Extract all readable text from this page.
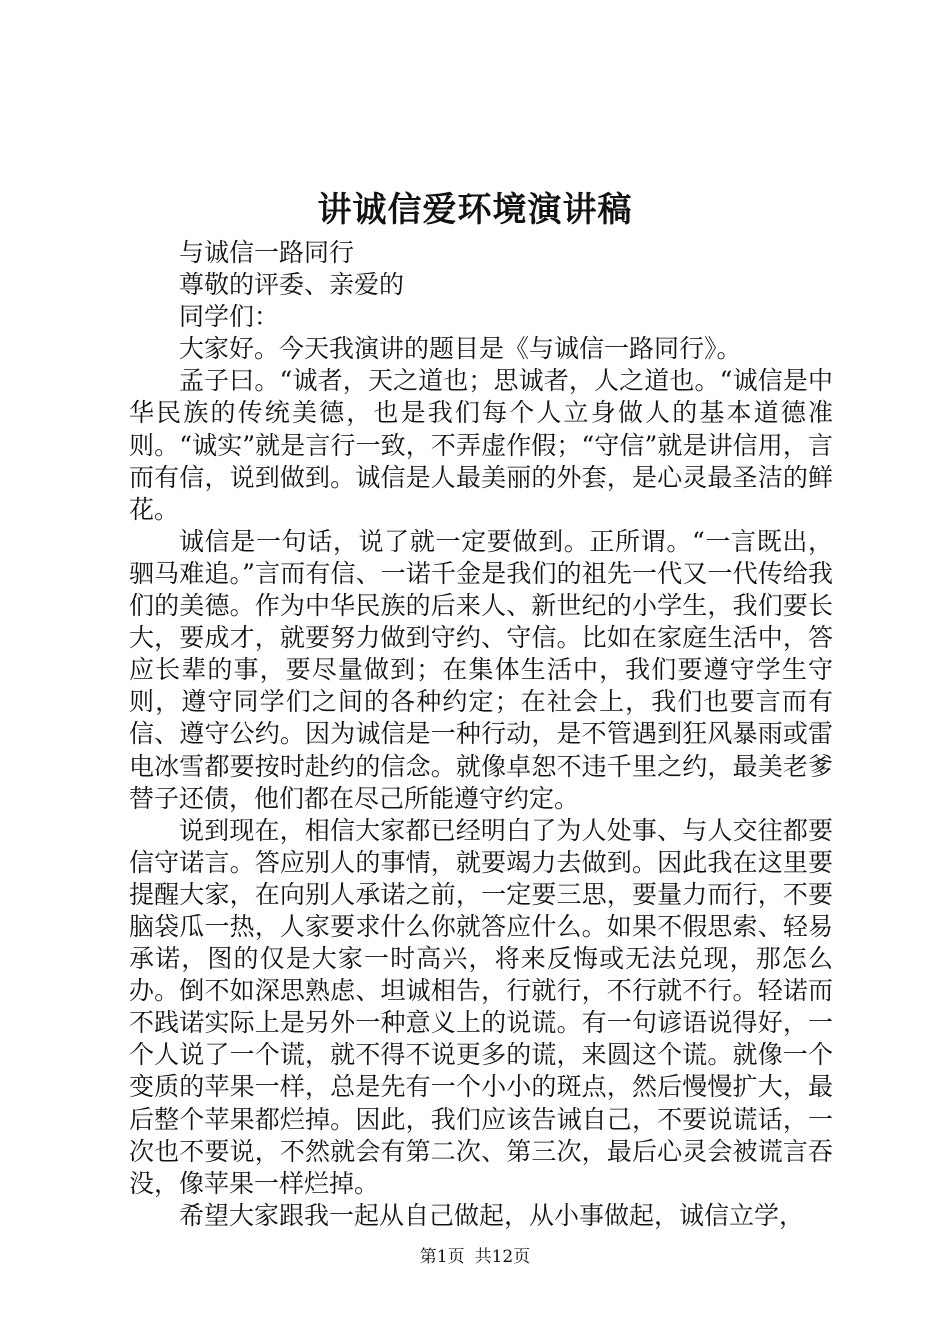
讲诚信爱环境演讲稿

与诚信一路同行

尊敬的评委、亲爱的

同学们：

大家好。今天我演讲的题目是《与诚信一路同行》。

孟子曰。“诚者，天之道也；思诚者，人之道也。“诚信是中华民族的传统美德，也是我们每个人立身做人的基本道德准则。“诚实”就是言行一致，不弄虚作假；“守信”就是讲信用，言而有信，说到做到。诚信是人最美丽的外套，是心灵最圣洁的鲜花。

诚信是一句话，说了就一定要做到。正所谓。“一言既出，驷马难追。”言而有信、一诺千金是我们的祖先一代又一代传给我们的美德。作为中华民族的后来人、新世纪的小学生，我们要长大，要成才，就要努力做到守约、守信。比如在家庭生活中，答应长辈的事，要尽量做到；在集体生活中，我们要遵守学生守则，遵守同学们之间的各种约定；在社会上，我们也要言而有信、遵守公约。因为诚信是一种行动，是不管遇到狂风暴雨或雷电冰雪都要按时赴约的信念。就像卓恕不违千里之约，最美老爹替子还债，他们都在尽己所能遵守约定。

说到现在，相信大家都已经明白了为人处事、与人交往都要信守诺言。答应别人的事情，就要竭力去做到。因此我在这里要提醒大家，在向别人承诺之前，一定要三思，要量力而行，不要脑袋瓜一热，人家要求什么你就答应什么。如果不假思索、轻易承诺，图的仅是大家一时高兴，将来反悔或无法兑现，那怎么办。倒不如深思熟虑、坦诚相告，行就行，不行就不行。轻诺而不践诺实际上是另外一种意义上的说谎。有一句谚语说得好，一个人说了一个谎，就不得不说更多的谎，来圆这个谎。就像一个变质的苹果一样，总是先有一个小小的斑点，然后慢慢扩大，最后整个苹果都烂掉。因此，我们应该告诫自己，不要说谎话，一次也不要说，不然就会有第二次、第三次，最后心灵会被谎言吞没，像苹果一样烂掉。

希望大家跟我一起从自己做起，从小事做起，诚信立学，

第1页 共12页
